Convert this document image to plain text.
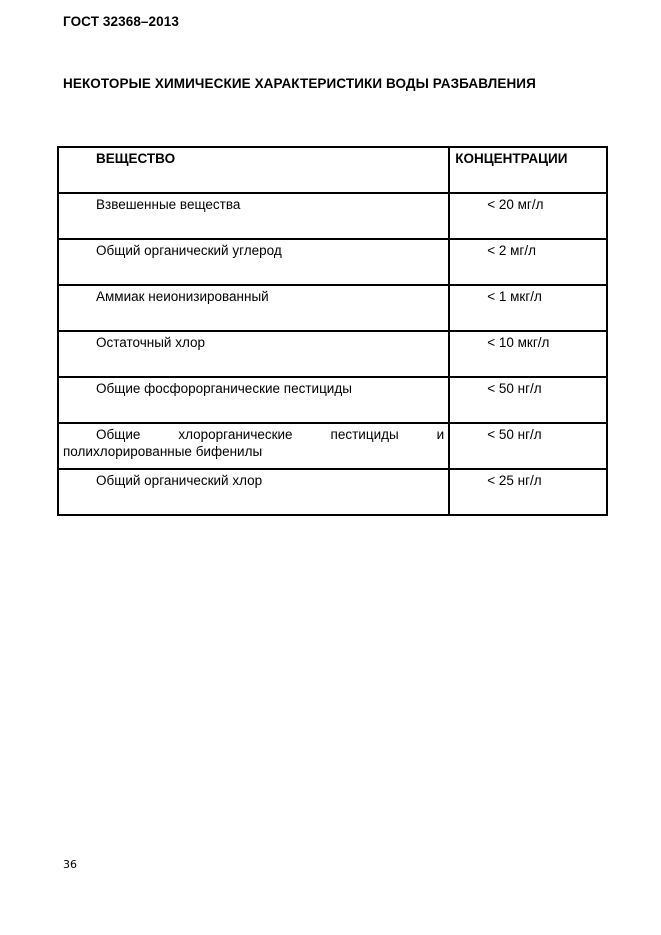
ГОСТ 32368–2013
НЕКОТОРЫЕ ХИМИЧЕСКИЕ ХАРАКТЕРИСТИКИ ВОДЫ РАЗБАВЛЕНИЯ
ВЕЩЕСТВО	КОНЦЕНТРАЦИИ

Взвешенные вещества	< 20 мг/л

Общий органический углерод	< 2 мг/л

Аммиак неионизированный	< 1 мкг/л

Остаточный хлор	< 10 мкг/л

Общие фосфорорганические пестициды	< 50 нг/л

Общие хлорорганические пестициды и полихлорированные бифенилы	< 50 нг/л

Общий органический хлор	< 25 нг/л
36
